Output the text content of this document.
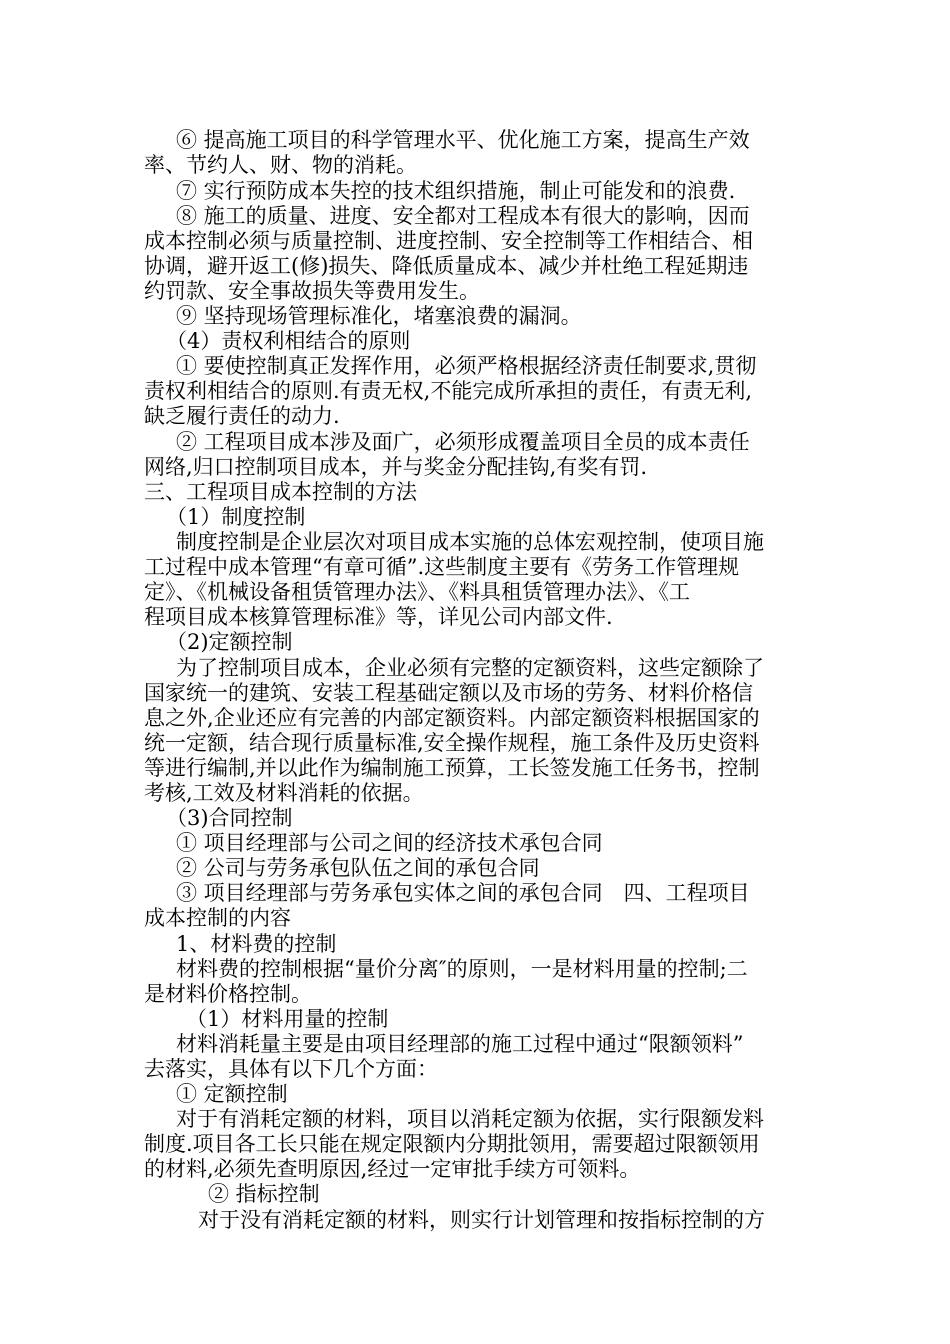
⑥ 提高施工项目的科学管理水平、优化施工方案，提高生产效
率、节约人、财、物的消耗。
⑦ 实行预防成本失控的技术组织措施，制止可能发和的浪费.
⑧ 施工的质量、进度、安全都对工程成本有很大的影响，因而
成本控制必须与质量控制、进度控制、安全控制等工作相结合、相
协调，避开返工(修)损失、降低质量成本、减少并杜绝工程延期违
约罚款、安全事故损失等费用发生。
⑨ 坚持现场管理标准化，堵塞浪费的漏洞。
（4）责权利相结合的原则
① 要使控制真正发挥作用，必须严格根据经济责任制要求,贯彻
责权利相结合的原则.有责无权,不能完成所承担的责任，有责无利,
缺乏履行责任的动力.
② 工程项目成本涉及面广，必须形成覆盖项目全员的成本责任
网络,归口控制项目成本，并与奖金分配挂钩,有奖有罚.
三、工程项目成本控制的方法
（1）制度控制
制度控制是企业层次对项目成本实施的总体宏观控制，使项目施
工过程中成本管理“有章可循”.这些制度主要有《劳务工作管理规
定》、《机械设备租赁管理办法》、《料具租赁管理办法》、《工
程项目成本核算管理标准》等，详见公司内部文件.
（2)定额控制
为了控制项目成本，企业必须有完整的定额资料，这些定额除了
国家统一的建筑、安装工程基础定额以及市场的劳务、材料价格信
息之外,企业还应有完善的内部定额资料。内部定额资料根据国家的
统一定额，结合现行质量标准,安全操作规程，施工条件及历史资料
等进行编制,并以此作为编制施工预算，工长签发施工任务书，控制
考核,工效及材料消耗的依据。
（3)合同控制
① 项目经理部与公司之间的经济技术承包合同
② 公司与劳务承包队伍之间的承包合同
③ 项目经理部与劳务承包实体之间的承包合同　四、工程项目
成本控制的内容
1、材料费的控制
材料费的控制根据“量价分离″的原则，一是材料用量的控制;二
是材料价格控制。
（1）材料用量的控制
材料消耗量主要是由项目经理部的施工过程中通过“限额领料”
去落实，具体有以下几个方面：
① 定额控制
对于有消耗定额的材料，项目以消耗定额为依据，实行限额发料
制度.项目各工长只能在规定限额内分期批领用，需要超过限额领用
的材料,必须先查明原因,经过一定审批手续方可领料。
② 指标控制
对于没有消耗定额的材料，则实行计划管理和按指标控制的方
